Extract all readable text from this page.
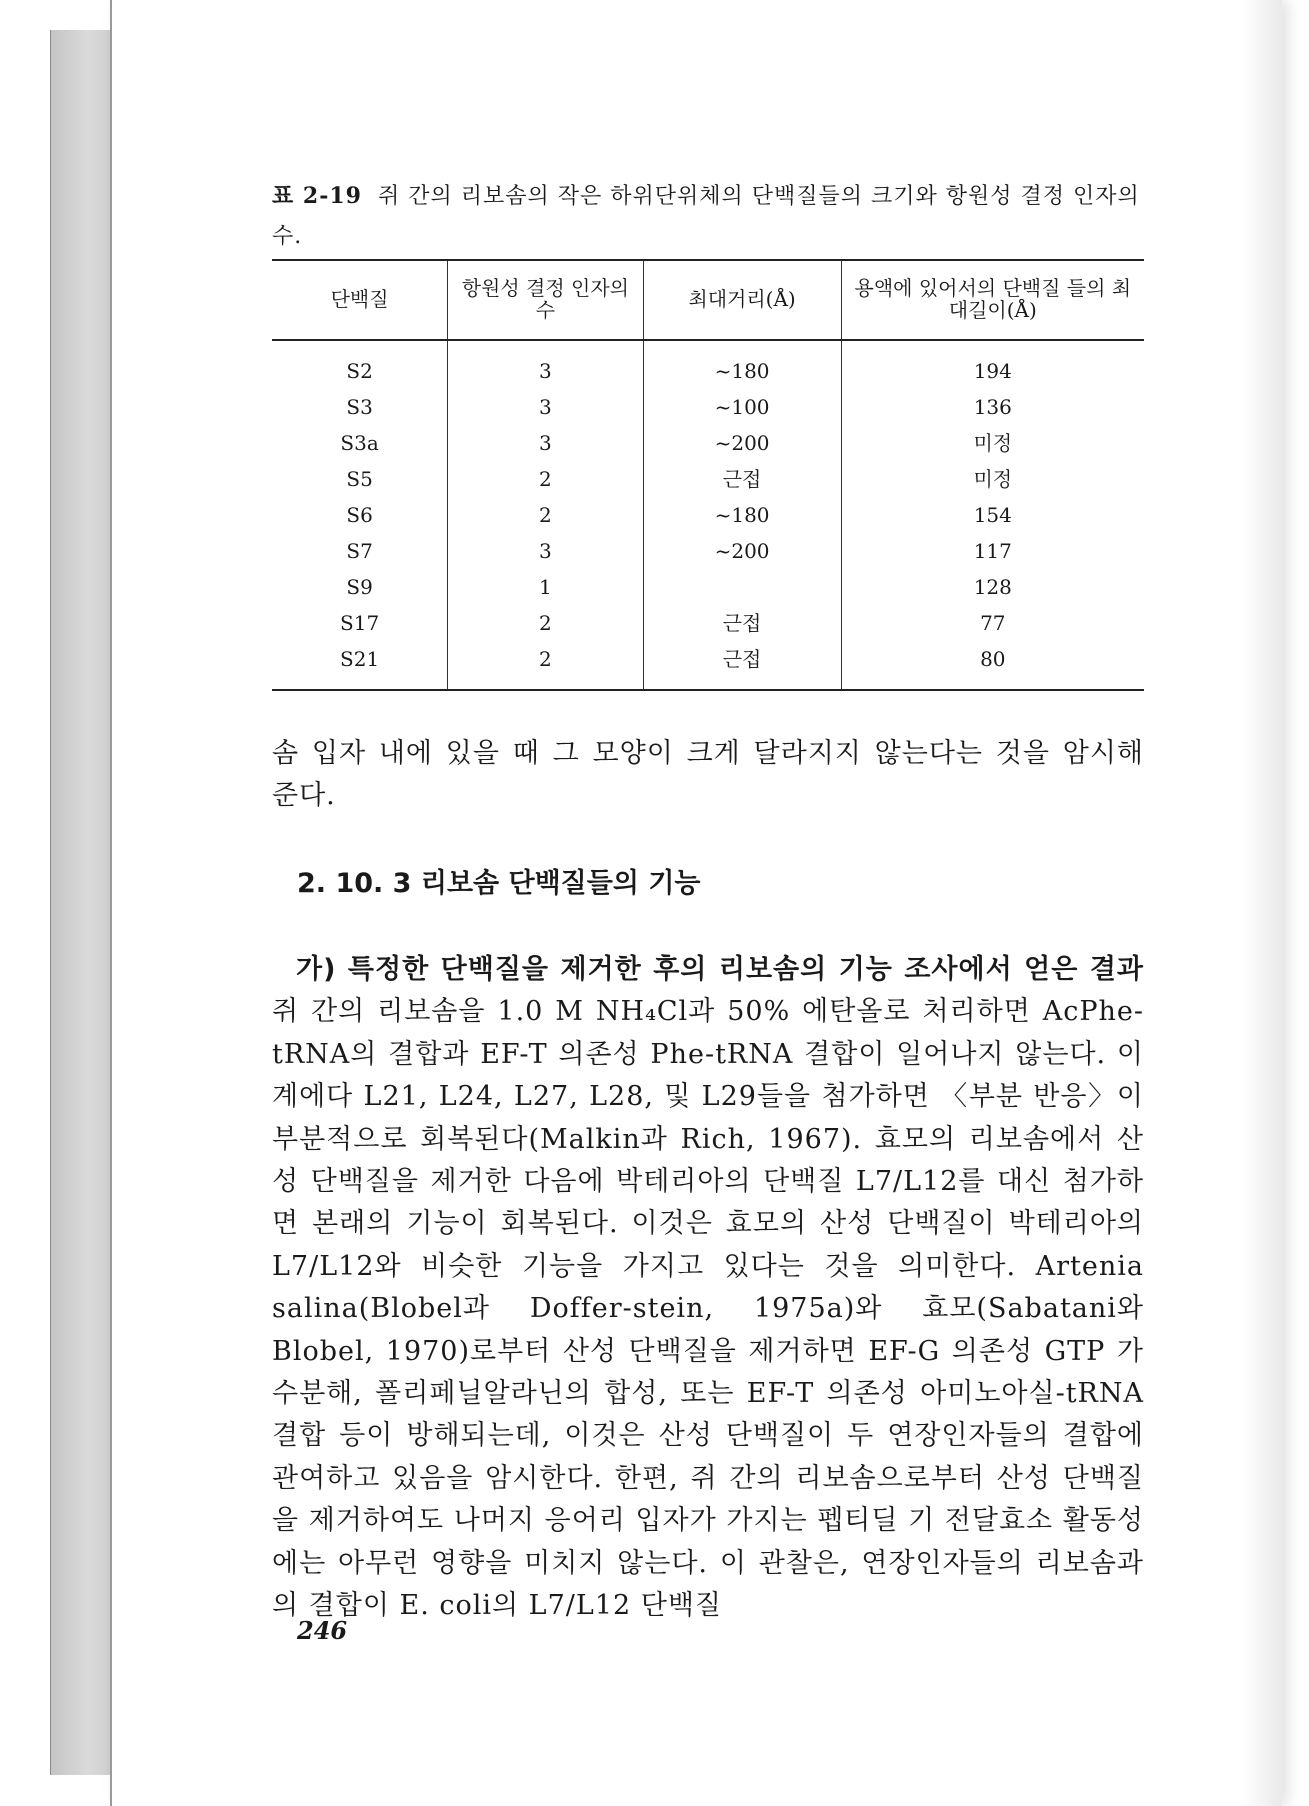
표 2-19 쥐 간의 리보솜의 작은 하위단위체의 단백질들의 크기와 항원성 결정 인자의 수.
단백질	항원성 결정 인자의 수	최대거리(Å)	용액에 있어서의 단백질 들의 최대길이(Å)
S2	3	~180	194
S3	3	~100	136
S3a	3	~200	미정
S5	2	근접	미정
S6	2	~180	154
S7	3	~200	117
S9	1		128
S17	2	근접	77
S21	2	근접	80
솜 입자 내에 있을 때 그 모양이 크게 달라지지 않는다는 것을 암시해 준다.
2. 10. 3 리보솜 단백질들의 기능
가) 특정한 단백질을 제거한 후의 리보솜의 기능 조사에서 얻은 결과 쥐 간의 리보솜을 1.0 M NH₄Cl과 50% 에탄올로 처리하면 AcPhe-tRNA의 결합과 EF-T 의존성 Phe-tRNA 결합이 일어나지 않는다. 이 계에다 L21, L24, L27, L28, 및 L29들을 첨가하면 〈부분 반응〉이 부분적으로 회복된다(Malkin과 Rich, 1967). 효모의 리보솜에서 산성 단백질을 제거한 다음에 박테리아의 단백질 L7/L12를 대신 첨가하면 본래의 기능이 회복된다. 이것은 효모의 산성 단백질이 박테리아의 L7/L12와 비슷한 기능을 가지고 있다는 것을 의미한다. Artenia salina(Blobel과 Doffer-stein, 1975a)와 효모(Sabatani와 Blobel, 1970)로부터 산성 단백질을 제거하면 EF-G 의존성 GTP 가수분해, 폴리페닐알라닌의 합성, 또는 EF-T 의존성 아미노아실-tRNA 결합 등이 방해되는데, 이것은 산성 단백질이 두 연장인자들의 결합에 관여하고 있음을 암시한다. 한편, 쥐 간의 리보솜으로부터 산성 단백질을 제거하여도 나머지 응어리 입자가 가지는 펩티딜 기 전달효소 활동성에는 아무런 영향을 미치지 않는다. 이 관찰은, 연장인자들의 리보솜과의 결합이 E. coli의 L7/L12 단백질
246
